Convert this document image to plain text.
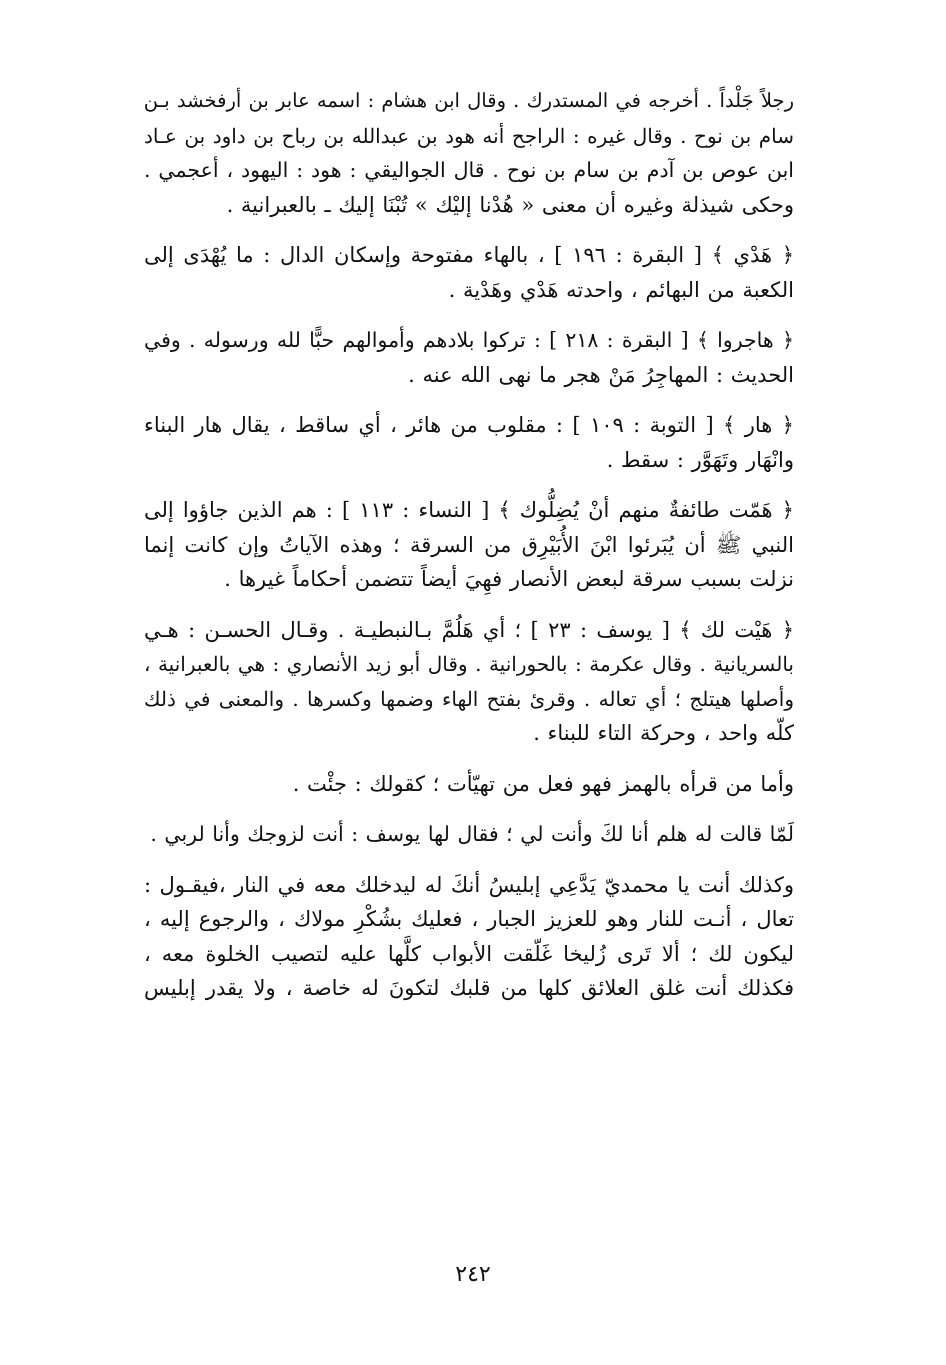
رجلاً جَلْداً . أخرجه في المستدرك . وقال ابن هشام : اسمه عابر بن أرفخشد بـن
سام بن نوح . وقال غيره : الراجح أنه هود بن عبدالله بن رباح بن داود بن عـاد
ابن عوص بن آدم بن سام بن نوح . قال الجواليقي : هود : اليهود ، أعجمي .
وحكى شيذلة وغيره أن معنى « هُدْنا إليْك » تُبْنَا إليك ـ بالعبرانية .

﴿ هَدْي ﴾ [ البقرة : ١٩٦ ] ، بالهاء مفتوحة وإسكان الدال : ما يُهْدَى إلى
الكعبة من البهائم ، واحدته هَدْي وهَدْية .

﴿ هاجروا ﴾ [ البقرة : ٢١٨ ] : تركوا بلادهم وأموالهم حبًّا لله ورسوله . وفي
الحديث : المهاجِرُ مَنْ هجر ما نهى الله عنه .

﴿ هار ﴾ [ التوبة : ١٠٩ ] : مقلوب من هائر ، أي ساقط ، يقال هار البناء
وانْهَار وتَهَوَّر : سقط .

﴿ هَمّت طائفةٌ منهم أنْ يُضِلُّوك ﴾ [ النساء : ١١٣ ] : هم الذين جاؤوا إلى
النبي ﷺ أن يُبَرئوا ابْنَ الأُبَيْرِق من السرقة ؛ وهذه الآياتُ وإن كانت إنما
نزلت بسبب سرقة لبعض الأنصار فهِيَ أيضاً تتضمن أحكاماً غيرها .

﴿ هَيْت لك ﴾ [ يوسف : ٢٣ ] ؛ أي هَلُمَّ بـالنبطيـة . وقـال الحسـن : هـي
بالسريانية . وقال عكرمة : بالحورانية . وقال أبو زيد الأنصاري : هي بالعبرانية ،
وأصلها هيتلج ؛ أي تعاله . وقرئ بفتح الهاء وضمها وكسرها . والمعنى في ذلك
كلّه واحد ، وحركة التاء للبناء .

وأما من قرأه بالهمز فهو فعل من تهيّأت ؛ كقولك : جئْت .

لَمّا قالت له هلم أنا لكَ وأنت لي ؛ فقال لها يوسف : أنت لزوجك وأنا لربي .

وكذلك أنت يا محمديّ يَدَّعِي إبليسُ أنكَ له ليدخلك معه في النار ،فيقـول :
تعال ، أنـت للنار وهو للعزيز الجبار ، فعليك بشُكْرِ مولاك ، والرجوع إليه ،
ليكون لك ؛ ألا تَرى زُليخا غَلّقت الأبواب كلَّها عليه لتصيب الخلوة معه ،
فكذلك أنت غلق العلائق كلها من قلبك لتكونَ له خاصة ، ولا يقدر إبليس

٢٤٢
